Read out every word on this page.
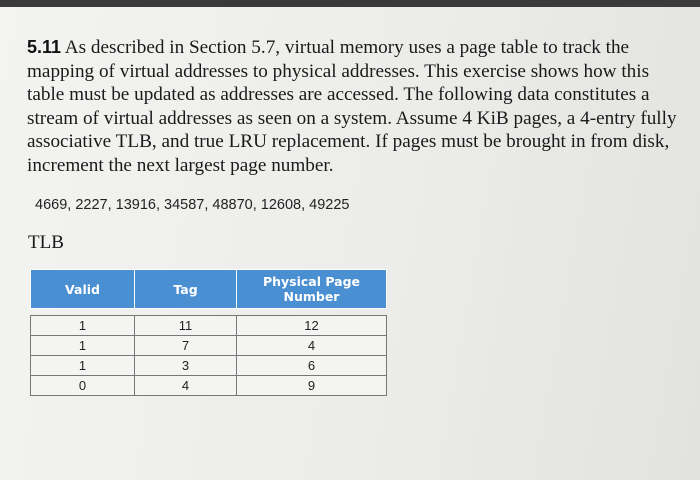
5.11 As described in Section 5.7, virtual memory uses a page table to track the mapping of virtual addresses to physical addresses. This exercise shows how this table must be updated as addresses are accessed. The following data constitutes a stream of virtual addresses as seen on a system. Assume 4 KiB pages, a 4-entry fully associative TLB, and true LRU replacement. If pages must be brought in from disk, increment the next largest page number.
4669, 2227, 13916, 34587, 48870, 12608, 49225
TLB
Valid	Tag	Physical Page Number

1	11	12
1	7	4
1	3	6
0	4	9
